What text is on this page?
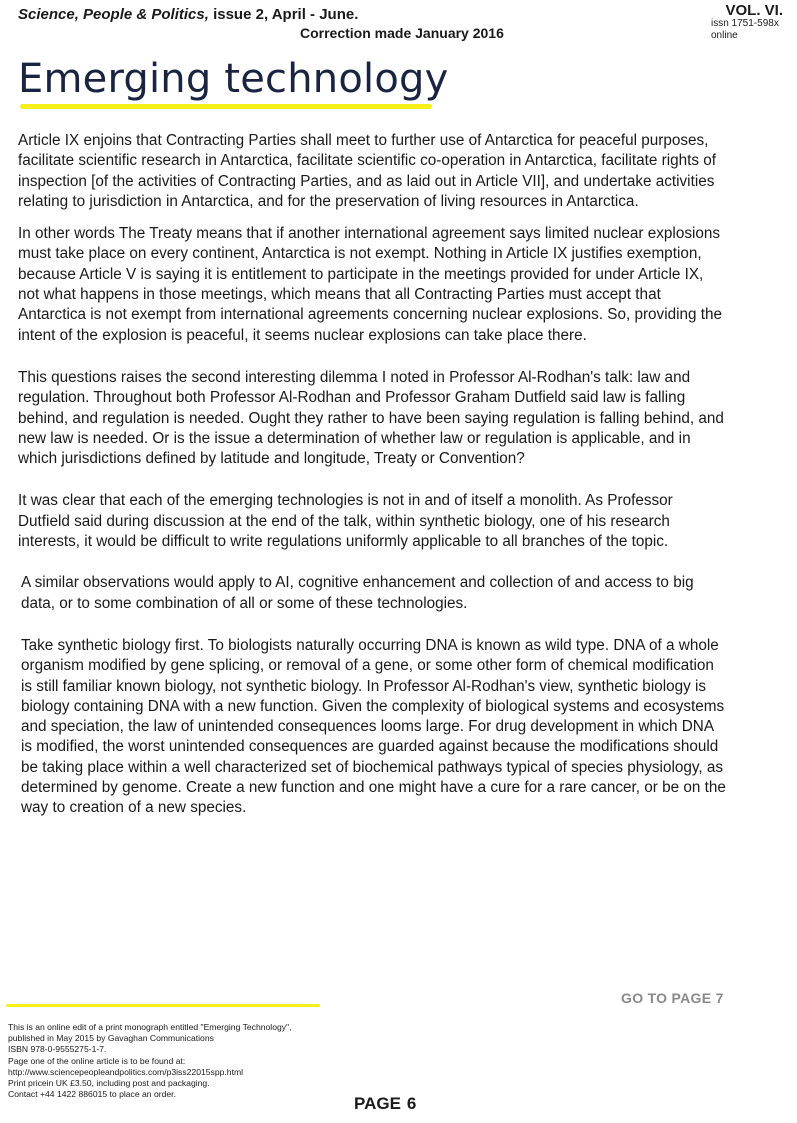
Science, People & Politics, issue 2, April - June.
Correction made January 2016
VOL. VI.
issn 1751-598x
online
Emerging technology

Article IX enjoins that Contracting Parties shall meet to further use of Antarctica for peaceful purposes, facilitate scientific research in Antarctica, facilitate scientific co-operation in Antarctica, facilitate rights of inspection [of the activities of Contracting Parties, and as laid out in Article VII], and undertake activities relating to jurisdiction in Antarctica, and for the preservation of living resources in Antarctica.

In other words The Treaty means that if another international agreement says limited nuclear explosions must take place on every continent, Antarctica is not exempt. Nothing in Article IX justifies exemption, because Article V is saying it is entitlement to participate in the meetings provided for under Article IX, not what happens in those meetings, which means that all Contracting Parties must accept that Antarctica is not exempt from international agreements concerning nuclear explosions. So, providing the intent of the explosion is peaceful, it seems nuclear explosions can take place there.

This questions raises the second interesting dilemma I noted in Professor Al-Rodhan's talk: law and regulation. Throughout both Professor Al-Rodhan and Professor Graham Dutfield said law is falling behind, and regulation is needed. Ought they rather to have been saying regulation is falling behind, and new law is needed. Or is the issue a determination of whether law or regulation is applicable, and in which jurisdictions defined by latitude and longitude, Treaty or Convention?

It was clear that each of the emerging technologies is not in and of itself a monolith. As Professor Dutfield said during discussion at the end of the talk, within synthetic biology, one of his research interests, it would be difficult to write regulations uniformly applicable to all branches of the topic.

A similar observations would apply to AI, cognitive enhancement and collection of and access to big data, or to some combination of all or some of these technologies.

Take synthetic biology first. To biologists naturally occurring DNA is known as wild type. DNA of a whole organism modified by gene splicing, or removal of a gene, or some other form of chemical modification is still familiar known biology, not synthetic biology. In Professor Al-Rodhan's view, synthetic biology is biology containing DNA with a new function. Given the complexity of biological systems and ecosystems and speciation, the law of unintended consequences looms large. For drug development in which DNA is modified, the worst unintended consequences are guarded against because the modifications should be taking place within a well characterized set of biochemical pathways typical of species physiology, as determined by genome. Create a new function and one might have a cure for a rare cancer, or be on the way to creation of a new species.

GO TO PAGE 7

This is an online edit of a print monograph entitled "Emerging Technology", published in May 2015 by Gavaghan Communications

ISBN 978-0-9555275-1-7.

Page one of the online article is to be found at:

http://www.sciencepeopleandpolitics.com/p3iss22015spp.html

Print pricein UK £3.50, including post and packaging.

Contact +44 1422 886015 to place an order.	PAGE 6
